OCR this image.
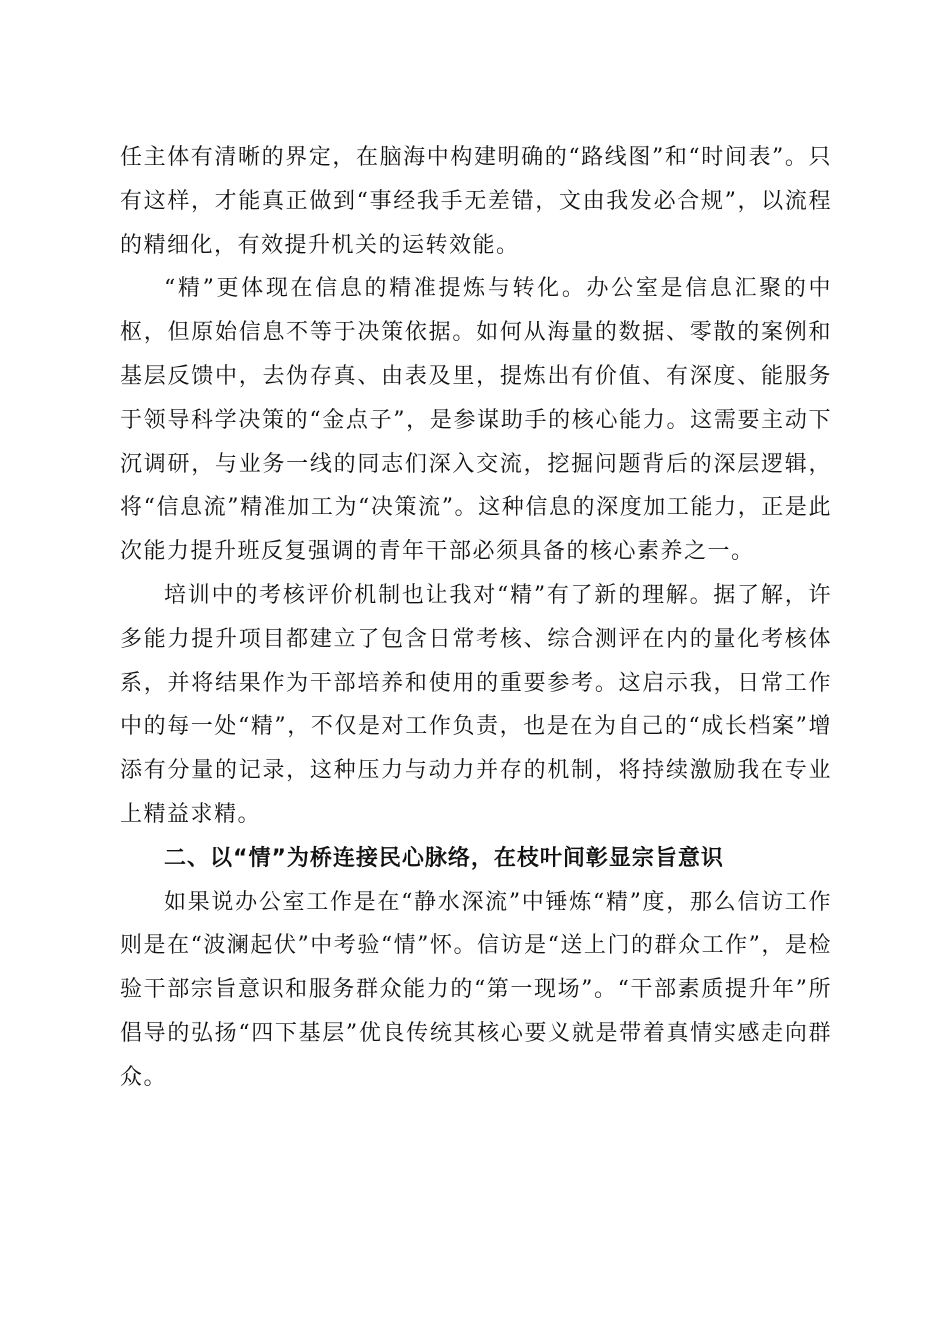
任主体有清晰的界定，在脑海中构建明确的“路线图”和“时间表”。只有这样，才能真正做到“事经我手无差错，文由我发必合规”，以流程的精细化，有效提升机关的运转效能。

“精”更体现在信息的精准提炼与转化。办公室是信息汇聚的中枢，但原始信息不等于决策依据。如何从海量的数据、零散的案例和基层反馈中，去伪存真、由表及里，提炼出有价值、有深度、能服务于领导科学决策的“金点子”，是参谋助手的核心能力。这需要主动下沉调研，与业务一线的同志们深入交流，挖掘问题背后的深层逻辑，将“信息流”精准加工为“决策流”。这种信息的深度加工能力，正是此次能力提升班反复强调的青年干部必须具备的核心素养之一。

培训中的考核评价机制也让我对“精”有了新的理解。据了解，许多能力提升项目都建立了包含日常考核、综合测评在内的量化考核体系，并将结果作为干部培养和使用的重要参考。这启示我，日常工作中的每一处“精”，不仅是对工作负责，也是在为自己的“成长档案”增添有分量的记录，这种压力与动力并存的机制，将持续激励我在专业上精益求精。

二、以“情”为桥连接民心脉络，在枝叶间彰显宗旨意识

如果说办公室工作是在“静水深流”中锤炼“精”度，那么信访工作则是在“波澜起伏”中考验“情”怀。信访是“送上门的群众工作”，是检验干部宗旨意识和服务群众能力的“第一现场”。“干部素质提升年”所倡导的弘扬“四下基层”优良传统其核心要义就是带着真情实感走向群众。
